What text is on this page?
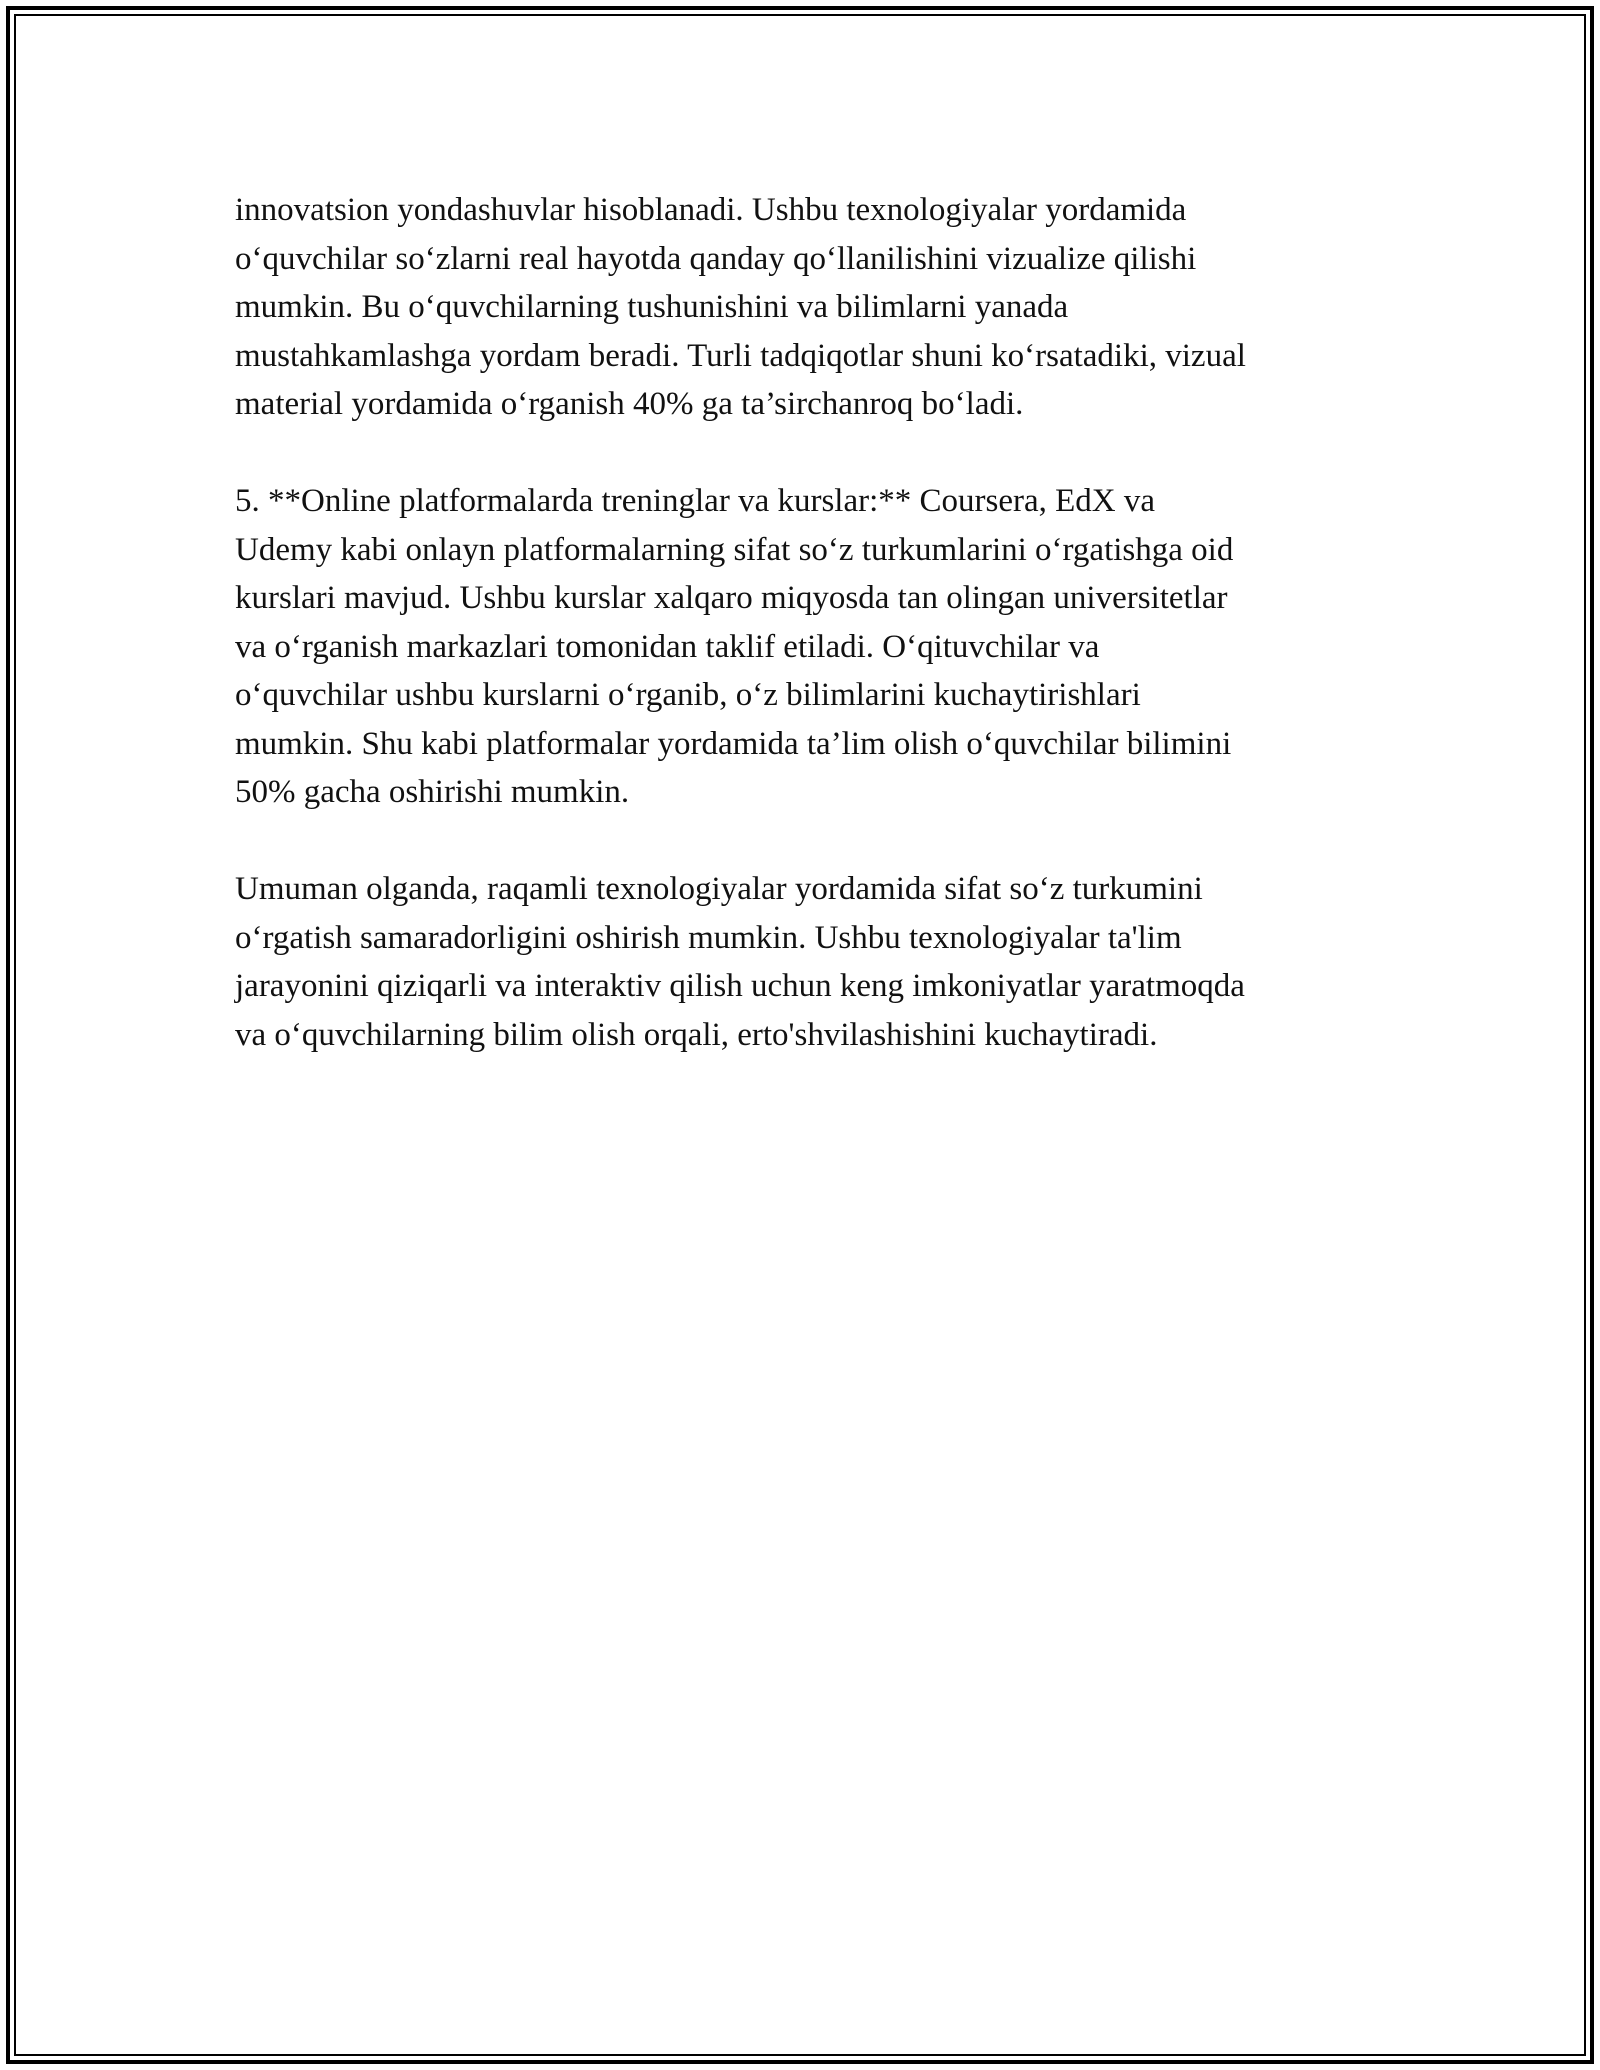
innovatsion yondashuvlar hisoblanadi. Ushbu texnologiyalar yordamida
o‘quvchilar so‘zlarni real hayotda qanday qo‘llanilishini vizualize qilishi
mumkin. Bu o‘quvchilarning tushunishini va bilimlarni yanada
mustahkamlashga yordam beradi. Turli tadqiqotlar shuni ko‘rsatadiki, vizual
material yordamida o‘rganish 40% ga ta’sirchanroq bo‘ladi.

5. **Online platformalarda treninglar va kurslar:** Coursera, EdX va
Udemy kabi onlayn platformalarning sifat so‘z turkumlarini o‘rgatishga oid
kurslari mavjud. Ushbu kurslar xalqaro miqyosda tan olingan universitetlar
va o‘rganish markazlari tomonidan taklif etiladi. O‘qituvchilar va
o‘quvchilar ushbu kurslarni o‘rganib, o‘z bilimlarini kuchaytirishlari
mumkin. Shu kabi platformalar yordamida ta’lim olish o‘quvchilar bilimini
50% gacha oshirishi mumkin.

Umuman olganda, raqamli texnologiyalar yordamida sifat so‘z turkumini
o‘rgatish samaradorligini oshirish mumkin. Ushbu texnologiyalar ta'lim
jarayonini qiziqarli va interaktiv qilish uchun keng imkoniyatlar yaratmoqda
va o‘quvchilarning bilim olish orqali, erto'shvilashishini kuchaytiradi.
